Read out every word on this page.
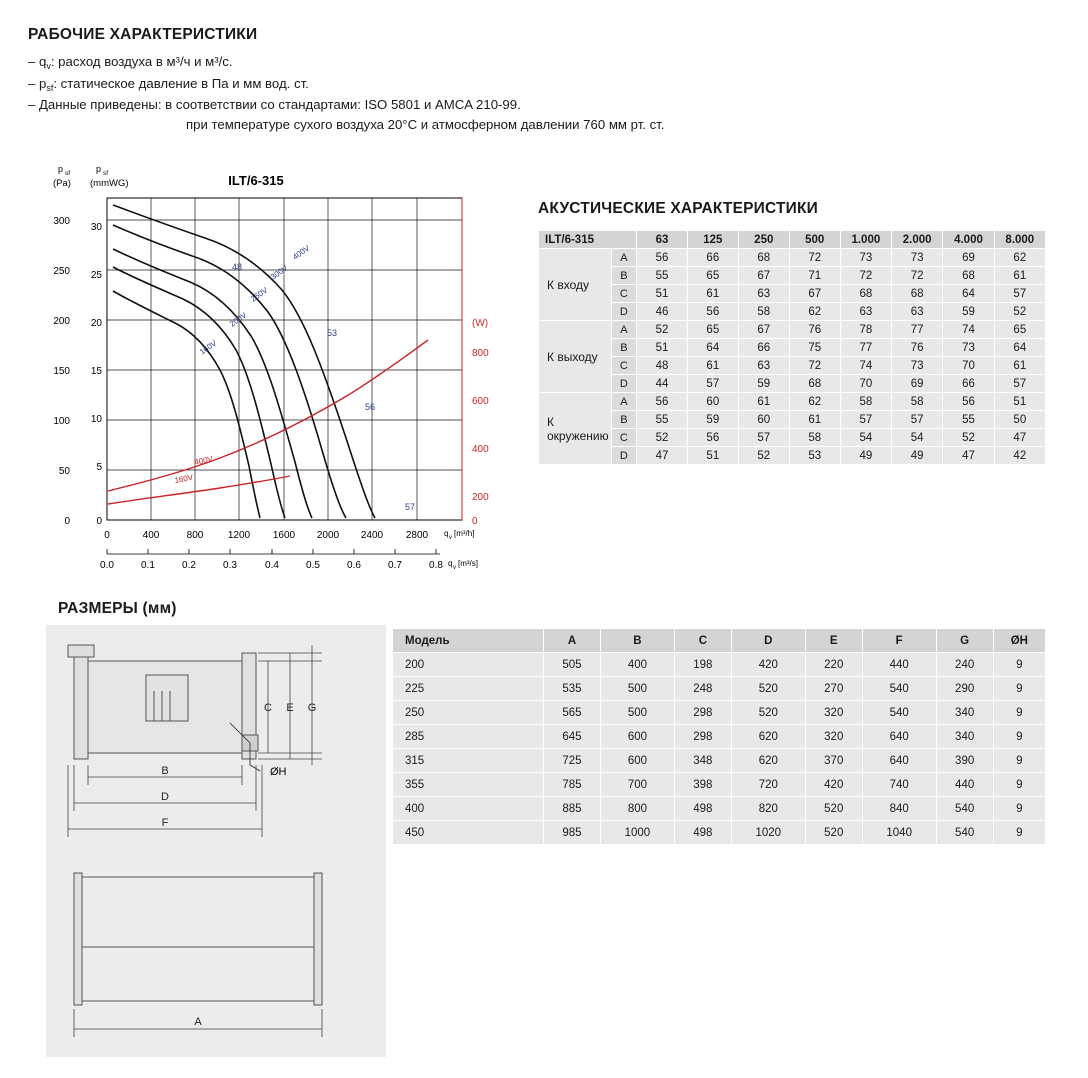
РАБОЧИЕ ХАРАКТЕРИСТИКИ
– $q_v$: расход воздуха в м³/ч и м³/с.
– $p_{sf}$: статическое давление в Па и мм вод. ст.
– Данные приведены: в соответствии со стандартами: ISO 5801 и AMCA 210-99.
при температуре сухого воздуха 20°C и атмосферном давлении 760 мм рт. ст.
p sf
(Pa)
p sf
(mmWG)	ILT/6-315
300
250
200
150
100
50
0
30
25
20
15
10
5
0
(W)
800
600
400
200
0
0	400	800 1200 1600 2000 2400 2800 q v [m³/h]
0.0	0.1	0.2	0.3	0.4	0.5	0.6	0.7	0.8 q v [m³/s]
400V
300V
250V
200V
160V
400V
160V
48
53
56
57
АКУСТИЧЕСКИЕ ХАРАКТЕРИСТИКИ
ILT/6-315		63	125	250	500	1.000	2.000	4.000	8.000
К входу	A	56	66	68	72	73	73	69	62
	B	55	65	67	71	72	72	68	61
	C	51	61	63	67	68	68	64	57
	D	46	56	58	62	63	63	59	52
К выходу	A	52	65	67	76	78	77	74	65
	B	51	64	66	75	77	76	73	64
	C	48	61	63	72	74	73	70	61
	D	44	57	59	68	70	69	66	57
К окружению	A	56	60	61	62	58	58	56	51
	B	55	59	60	61	57	57	55	50
	C	52	56	57	58	54	54	52	47
	D	47	51	52	53	49	49	47	42
РАЗМЕРЫ (мм)
C E G
ØH
B
D
F
A
Модель	A	B	C	D	E	F	G	ØH
200	505	400	198	420	220	440	240	9
225	535	500	248	520	270	540	290	9
250	565	500	298	520	320	540	340	9
285	645	600	298	620	320	640	340	9
315	725	600	348	620	370	640	390	9
355	785	700	398	720	420	740	440	9
400	885	800	498	820	520	840	540	9
450	985	1000	498	1020	520	1040	540	9
